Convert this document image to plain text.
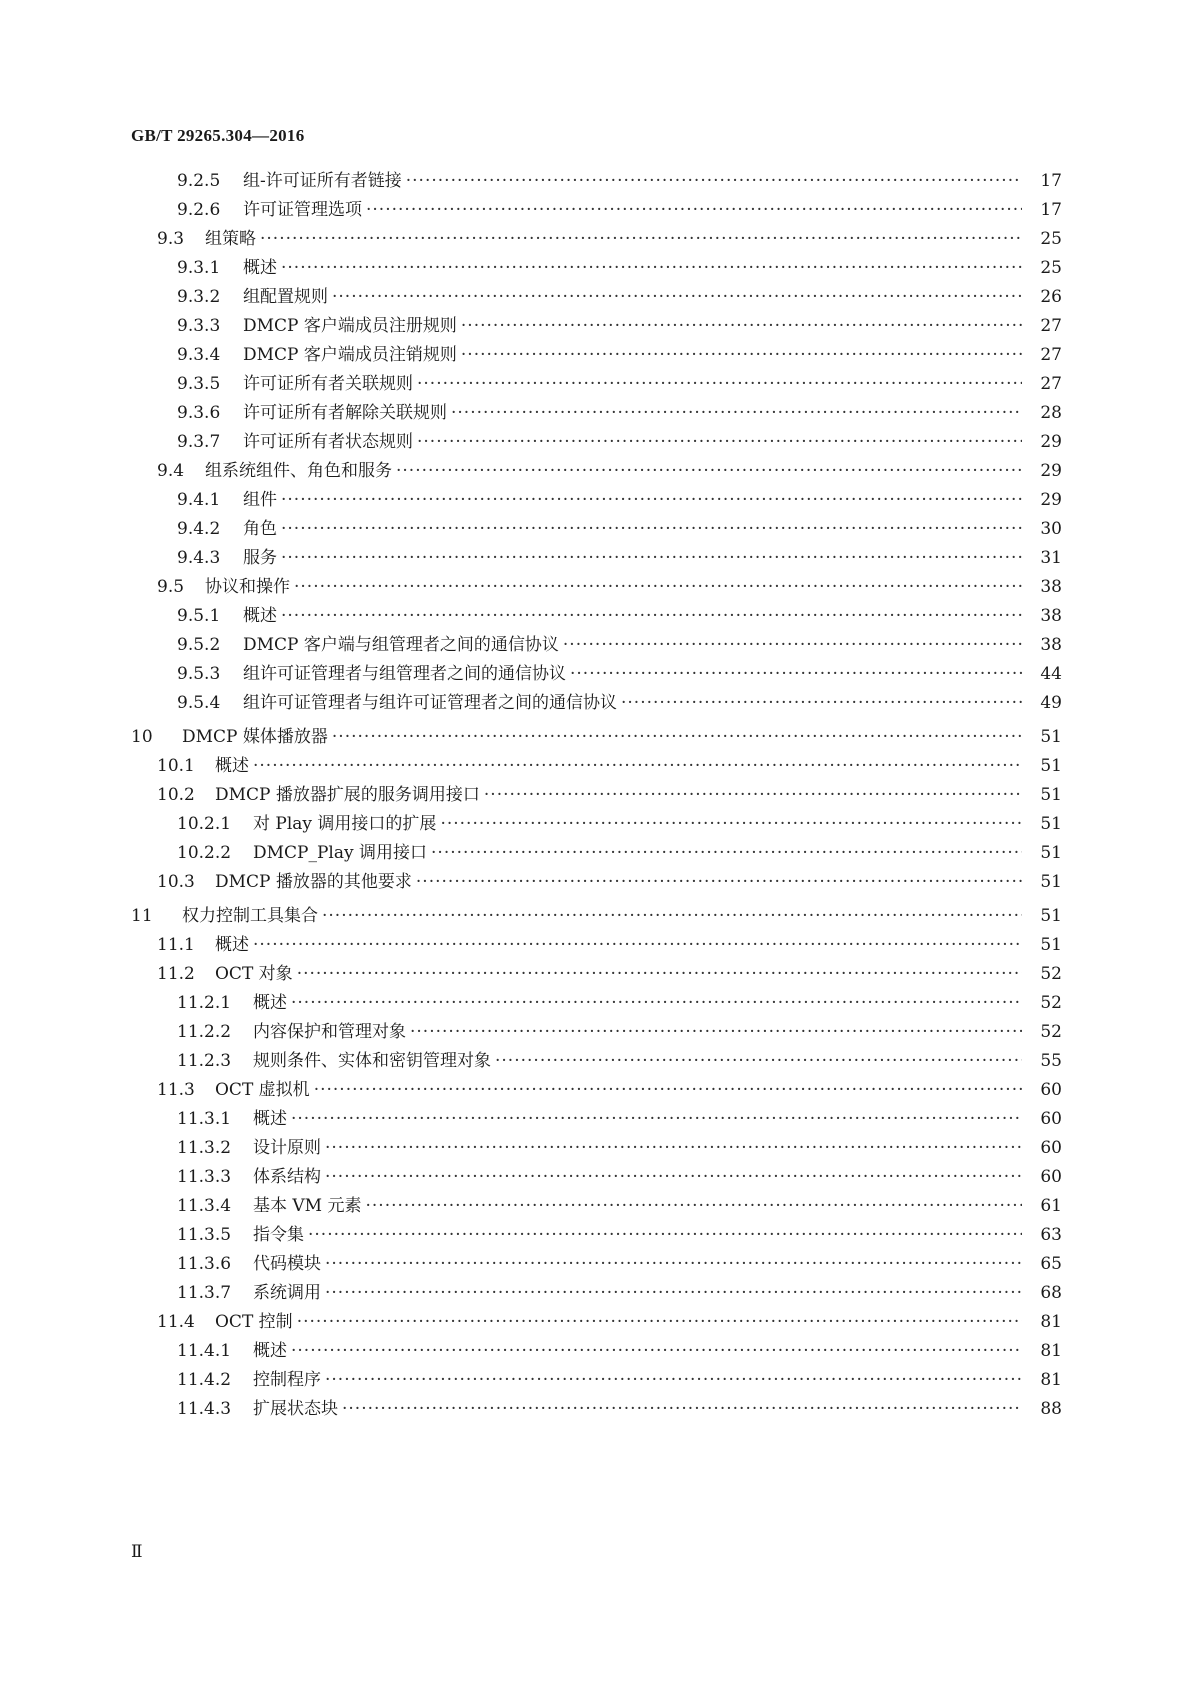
GB/T 29265.304—2016
9.2.5 组-许可证所有者链接 ·····	17
9.2.6 许可证管理选项 ·····	17
9.3 组策略 ·····	25
9.3.1 概述 ·····	25
9.3.2 组配置规则 ·····	26
9.3.3 DMCP 客户端成员注册规则 ·····	27
9.3.4 DMCP 客户端成员注销规则 ·····	27
9.3.5 许可证所有者关联规则 ·····	27
9.3.6 许可证所有者解除关联规则 ·····	28
9.3.7 许可证所有者状态规则 ·····	29
9.4 组系统组件、角色和服务 ·····	29
9.4.1 组件 ·····	29
9.4.2 角色 ·····	30
9.4.3 服务 ·····	31
9.5 协议和操作 ·····	38
9.5.1 概述 ·····	38
9.5.2 DMCP 客户端与组管理者之间的通信协议 ·····	38
9.5.3 组许可证管理者与组管理者之间的通信协议 ·····	44
9.5.4 组许可证管理者与组许可证管理者之间的通信协议 ·····	49
10 DMCP 媒体播放器 ·····	51
10.1 概述 ·····	51
10.2 DMCP 播放器扩展的服务调用接口 ·····	51
10.2.1 对 Play 调用接口的扩展 ·····	51
10.2.2 DMCP_Play 调用接口 ·····	51
10.3 DMCP 播放器的其他要求 ·····	51
11 权力控制工具集合 ·····	51
11.1 概述 ·····	51
11.2 OCT 对象 ·····	52
11.2.1 概述 ·····	52
11.2.2 内容保护和管理对象 ·····	52
11.2.3 规则条件、实体和密钥管理对象 ·····	55
11.3 OCT 虚拟机 ·····	60
11.3.1 概述 ·····	60
11.3.2 设计原则 ·····	60
11.3.3 体系结构 ·····	60
11.3.4 基本 VM 元素 ·····	61
11.3.5 指令集 ·····	63
11.3.6 代码模块 ·····	65
11.3.7 系统调用 ·····	68
11.4 OCT 控制 ·····	81
11.4.1 概述 ·····	81
11.4.2 控制程序 ·····	81
11.4.3 扩展状态块 ·····	88
Ⅱ
